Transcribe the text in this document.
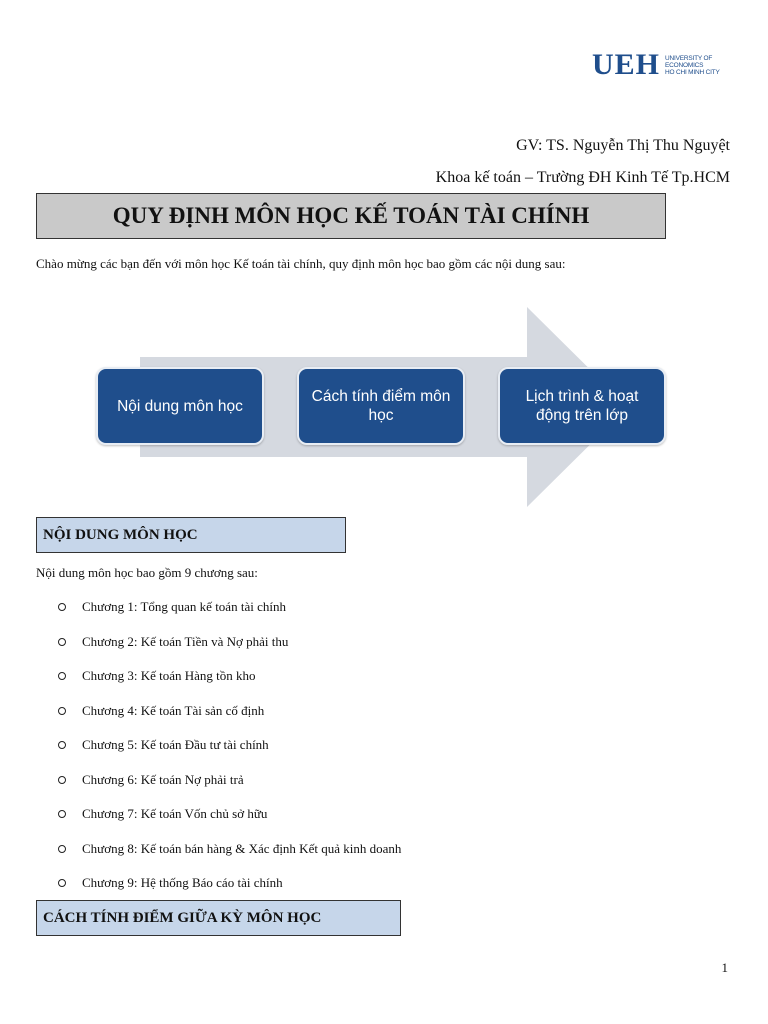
UEH UNIVERSITY OF
ECONOMICS
HO CHI MINH CITY
GV: TS. Nguyễn Thị Thu Nguyệt
Khoa kế toán – Trường ĐH Kinh Tế Tp.HCM
QUY ĐỊNH MÔN HỌC KẾ TOÁN TÀI CHÍNH
Chào mừng các bạn đến với môn học Kế toán tài chính, quy định môn học bao gồm các nội dung sau:
Nội dung môn học
Cách tính điểm môn học
Lịch trình & hoạt động trên lớp
NỘI DUNG MÔN HỌC
Nội dung môn học bao gồm 9 chương sau:
Chương 1: Tổng quan kế toán tài chính
Chương 2: Kế toán Tiền và Nợ phải thu
Chương 3: Kế toán Hàng tồn kho
Chương 4: Kế toán Tài sản cố định
Chương 5: Kế toán Đầu tư tài chính
Chương 6: Kế toán Nợ phải trả
Chương 7: Kế toán Vốn chủ sở hữu
Chương 8: Kế toán bán hàng & Xác định Kết quả kinh doanh
Chương 9: Hệ thống Báo cáo tài chính
CÁCH TÍNH ĐIỂM GIỮA KỲ MÔN HỌC
1
